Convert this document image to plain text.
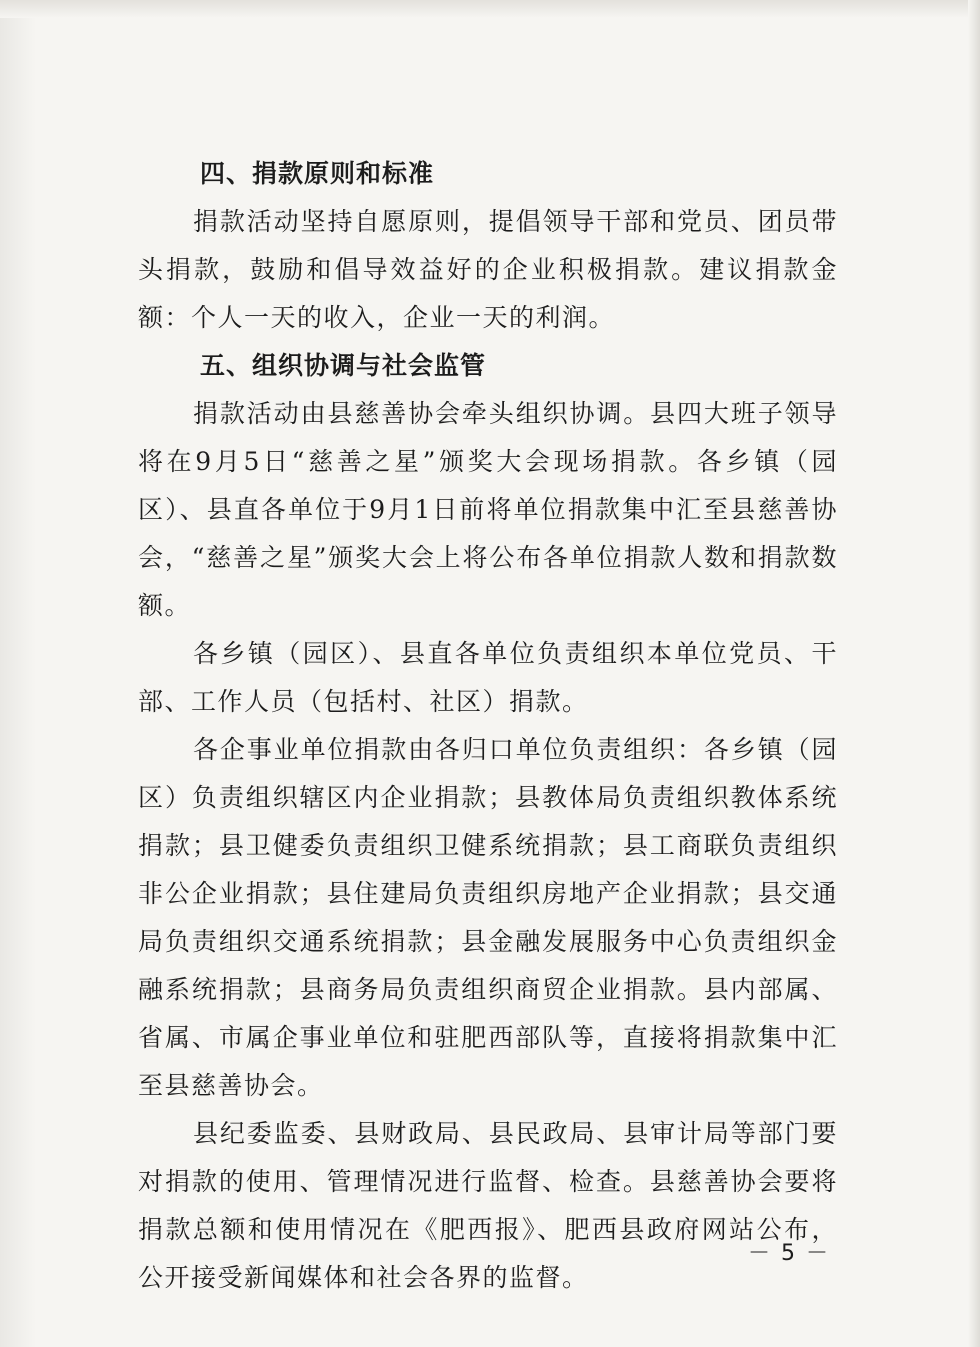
四、捐款原则和标准

捐款活动坚持自愿原则，提倡领导干部和党员、团员带头捐款，鼓励和倡导效益好的企业积极捐款。建议捐款金额：个人一天的收入，企业一天的利润。

五、组织协调与社会监管

捐款活动由县慈善协会牵头组织协调。县四大班子领导将在9月5日“慈善之星”颁奖大会现场捐款。各乡镇（园区）、县直各单位于9月1日前将单位捐款集中汇至县慈善协会，“慈善之星”颁奖大会上将公布各单位捐款人数和捐款数额。

各乡镇（园区）、县直各单位负责组织本单位党员、干部、工作人员（包括村、社区）捐款。

各企事业单位捐款由各归口单位负责组织：各乡镇（园区）负责组织辖区内企业捐款；县教体局负责组织教体系统捐款；县卫健委负责组织卫健系统捐款；县工商联负责组织非公企业捐款；县住建局负责组织房地产企业捐款；县交通局负责组织交通系统捐款；县金融发展服务中心负责组织金融系统捐款；县商务局负责组织商贸企业捐款。县内部属、省属、市属企事业单位和驻肥西部队等，直接将捐款集中汇至县慈善协会。

县纪委监委、县财政局、县民政局、县审计局等部门要对捐款的使用、管理情况进行监督、检查。县慈善协会要将捐款总额和使用情况在《肥西报》、肥西县政府网站公布，公开接受新闻媒体和社会各界的监督。

－ 5 －
